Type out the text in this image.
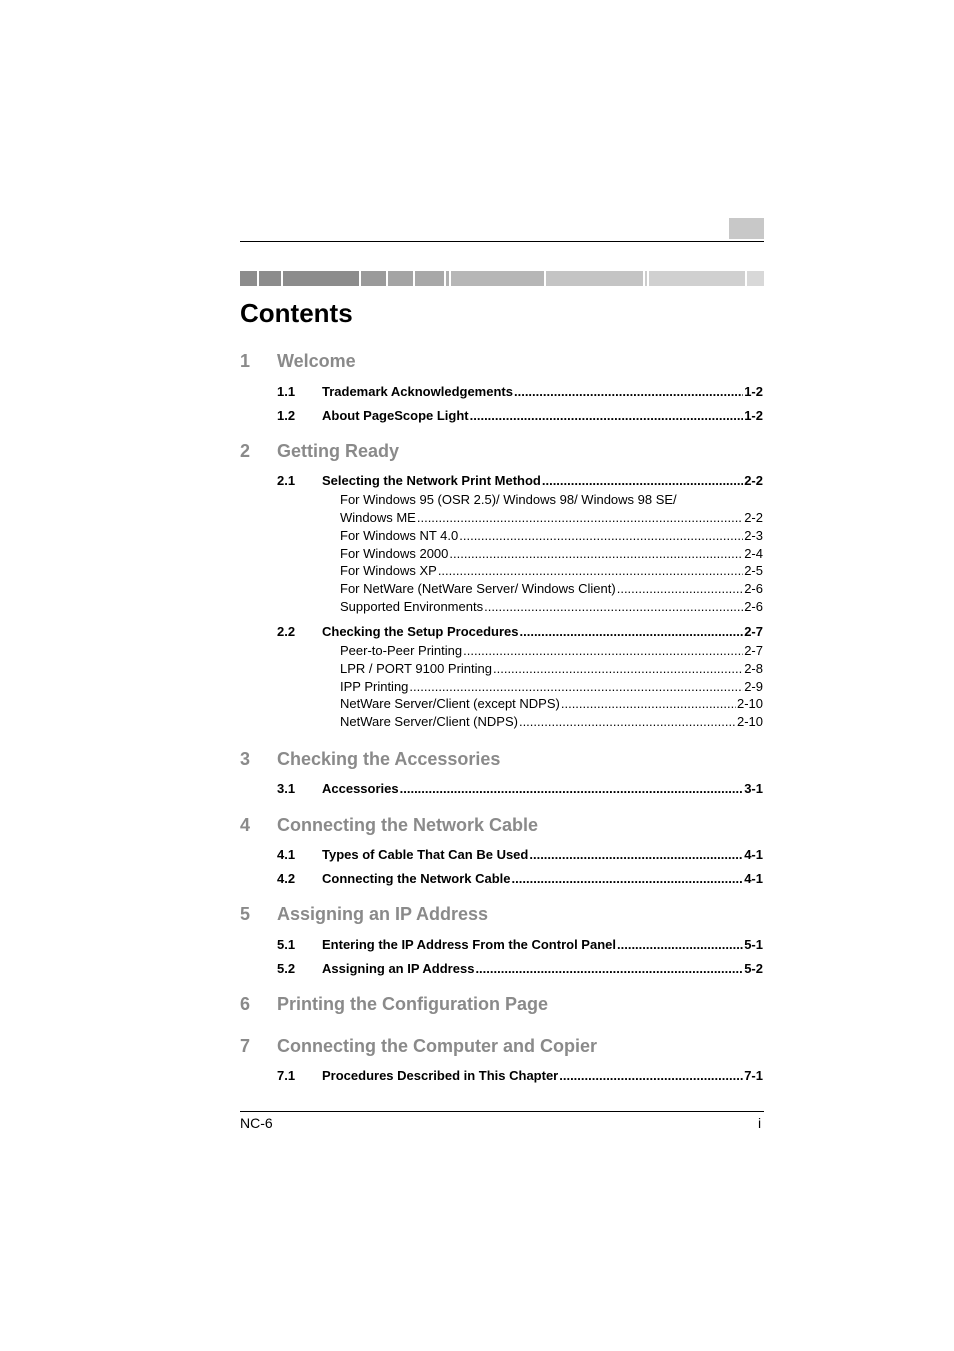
Contents
1 Welcome
1.1 Trademark Acknowledgements .....	1-2
1.2 About PageScope Light .....	1-2
2 Getting Ready
2.1 Selecting the Network Print Method .....	2-2
For Windows 95 (OSR 2.5)/ Windows 98/ Windows 98 SE/
Windows ME .....	2-2
For Windows NT 4.0 .....	2-3
For Windows 2000 .....	2-4
For Windows XP .....	2-5
For NetWare (NetWare Server/ Windows Client) .....	2-6
Supported Environments .....	2-6
2.2 Checking the Setup Procedures .....	2-7
Peer-to-Peer Printing .....	2-7
LPR / PORT 9100 Printing .....	2-8
IPP Printing .....	2-9
NetWare Server/Client (except NDPS) .....	2-10
NetWare Server/Client (NDPS) .....	2-10
3 Checking the Accessories
3.1 Accessories .....	3-1
4 Connecting the Network Cable
4.1 Types of Cable That Can Be Used .....	4-1
4.2 Connecting the Network Cable .....	4-1
5 Assigning an IP Address
5.1 Entering the IP Address From the Control Panel .....	5-1
5.2 Assigning an IP Address .....	5-2
6 Printing the Configuration Page
7 Connecting the Computer and Copier
7.1 Procedures Described in This Chapter .....	7-1
NC-6	i
